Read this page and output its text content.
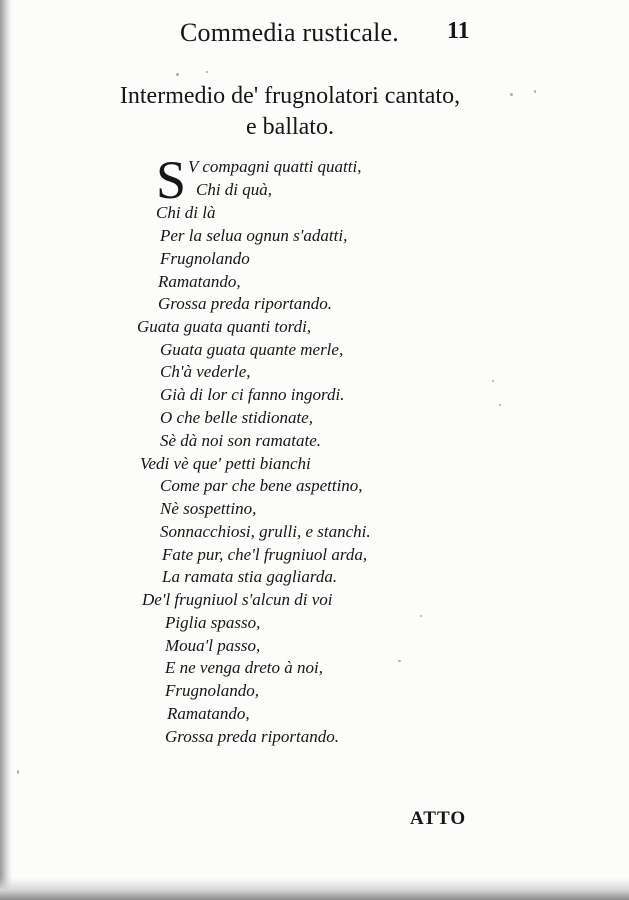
Commedia rusticale. 11
Intermedio de' frugnolatori cantato,
e ballato.
S V compagni quatti quatti,
Chi di quà,
Chi di là
Per la selua ognun s'adatti,
Frugnolando
Ramatando,
Grossa preda riportando.
Guata guata quanti tordi,
Guata guata quante merle,
Ch'à vederle,
Già di lor ci fanno ingordi.
O che belle stidionate,
Sè dà noi son ramatate.
Vedi vè que' petti bianchi
Come par che bene aspettino,
Nè sospettino,
Sonnacchiosi, grulli, e stanchi.
Fate pur, che'l frugniuol arda,
La ramata stia gagliarda.
De'l frugniuol s'alcun di voi
Piglia spasso,
Moua'l passo,
E ne venga dreto à noi,
Frugnolando,
Ramatando,
Grossa preda riportando.
ATTO
